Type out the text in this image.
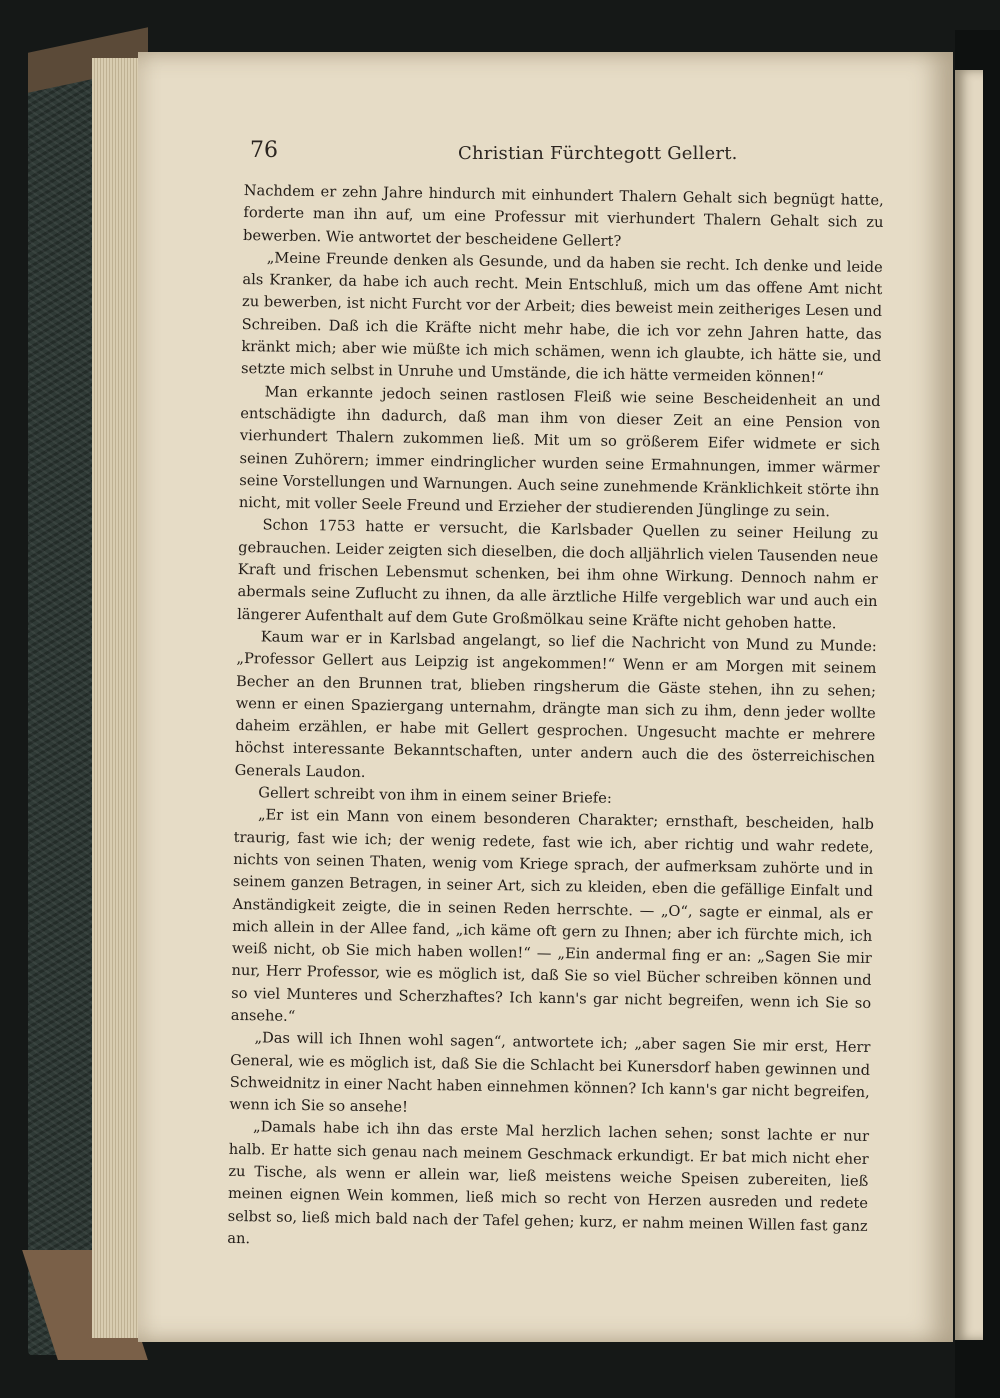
76	Christian Fürchtegott Gellert.

Nachdem er zehn Jahre hindurch mit einhundert Thalern Gehalt sich begnügt hatte, forderte man ihn auf, um eine Professur mit vierhundert Thalern Gehalt sich zu bewerben. Wie antwortet der bescheidene Gellert?

„Meine Freunde denken als Gesunde, und da haben sie recht. Ich denke und leide als Kranker, da habe ich auch recht. Mein Entschluß, mich um das offene Amt nicht zu bewerben, ist nicht Furcht vor der Arbeit; dies beweist mein zeitheriges Lesen und Schreiben. Daß ich die Kräfte nicht mehr habe, die ich vor zehn Jahren hatte, das kränkt mich; aber wie müßte ich mich schämen, wenn ich glaubte, ich hätte sie, und setzte mich selbst in Unruhe und Umstände, die ich hätte vermeiden können!“

Man erkannte jedoch seinen rastlosen Fleiß wie seine Bescheidenheit an und entschädigte ihn dadurch, daß man ihm von dieser Zeit an eine Pension von vierhundert Thalern zukommen ließ. Mit um so größerem Eifer widmete er sich seinen Zuhörern; immer eindringlicher wurden seine Ermahnungen, immer wärmer seine Vorstellungen und Warnungen. Auch seine zunehmende Kränklichkeit störte ihn nicht, mit voller Seele Freund und Erzieher der studierenden Jünglinge zu sein.

Schon 1753 hatte er versucht, die Karlsbader Quellen zu seiner Heilung zu gebrauchen. Leider zeigten sich dieselben, die doch alljährlich vielen Tausenden neue Kraft und frischen Lebensmut schenken, bei ihm ohne Wirkung. Dennoch nahm er abermals seine Zuflucht zu ihnen, da alle ärztliche Hilfe vergeblich war und auch ein längerer Aufenthalt auf dem Gute Großmölkau seine Kräfte nicht gehoben hatte.

Kaum war er in Karlsbad angelangt, so lief die Nachricht von Mund zu Munde: „Professor Gellert aus Leipzig ist angekommen!“ Wenn er am Morgen mit seinem Becher an den Brunnen trat, blieben ringsherum die Gäste stehen, ihn zu sehen; wenn er einen Spaziergang unternahm, drängte man sich zu ihm, denn jeder wollte daheim erzählen, er habe mit Gellert gesprochen. Ungesucht machte er mehrere höchst interessante Bekanntschaften, unter andern auch die des österreichischen Generals Laudon.

Gellert schreibt von ihm in einem seiner Briefe:

„Er ist ein Mann von einem besonderen Charakter; ernsthaft, bescheiden, halb traurig, fast wie ich; der wenig redete, fast wie ich, aber richtig und wahr redete, nichts von seinen Thaten, wenig vom Kriege sprach, der aufmerksam zuhörte und in seinem ganzen Betragen, in seiner Art, sich zu kleiden, eben die gefällige Einfalt und Anständigkeit zeigte, die in seinen Reden herrschte. — „O“, sagte er einmal, als er mich allein in der Allee fand, „ich käme oft gern zu Ihnen; aber ich fürchte mich, ich weiß nicht, ob Sie mich haben wollen!“ — „Ein andermal fing er an: „Sagen Sie mir nur, Herr Professor, wie es möglich ist, daß Sie so viel Bücher schreiben können und so viel Munteres und Scherzhaftes? Ich kann's gar nicht begreifen, wenn ich Sie so ansehe.“

„Das will ich Ihnen wohl sagen“, antwortete ich; „aber sagen Sie mir erst, Herr General, wie es möglich ist, daß Sie die Schlacht bei Kunersdorf haben gewinnen und Schweidnitz in einer Nacht haben einnehmen können? Ich kann's gar nicht begreifen, wenn ich Sie so ansehe!

„Damals habe ich ihn das erste Mal herzlich lachen sehen; sonst lachte er nur halb. Er hatte sich genau nach meinem Geschmack erkundigt. Er bat mich nicht eher zu Tische, als wenn er allein war, ließ meistens weiche Speisen zubereiten, ließ meinen eignen Wein kommen, ließ mich so recht von Herzen ausreden und redete selbst so, ließ mich bald nach der Tafel gehen; kurz, er nahm meinen Willen fast ganz an.
